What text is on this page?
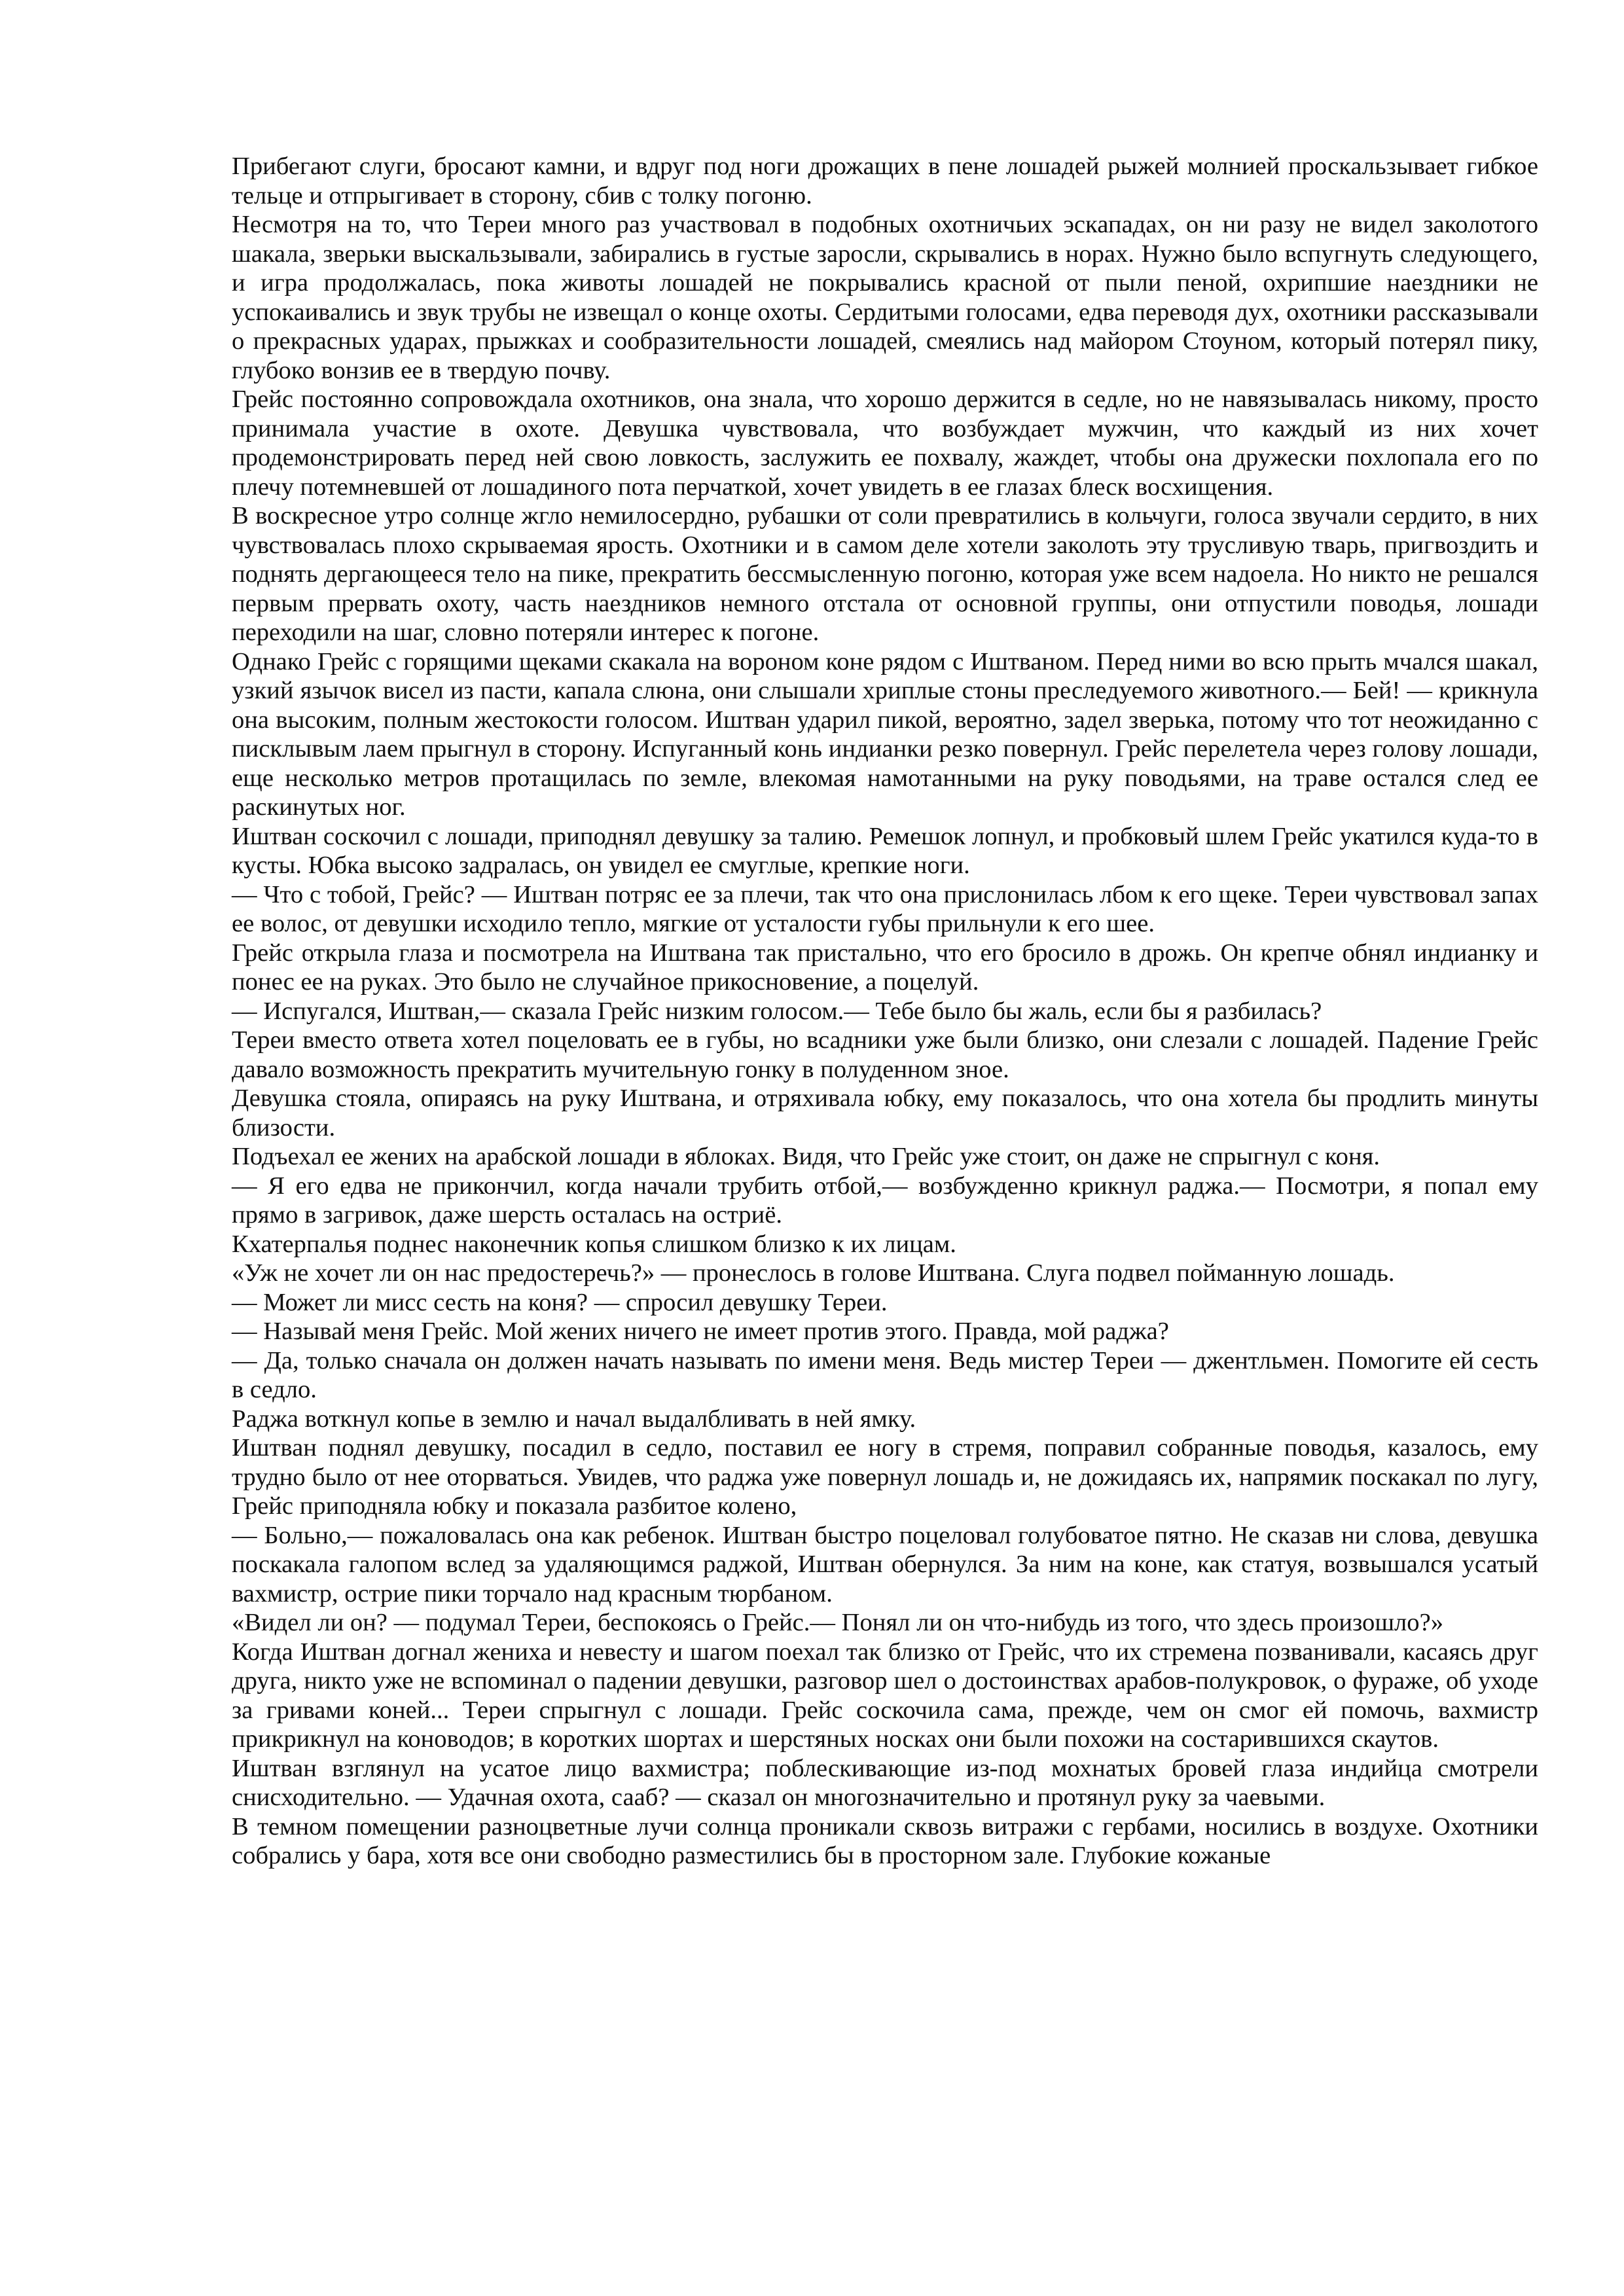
Прибегают слуги, бросают камни, и вдруг под ноги дрожащих в пене лошадей рыжей молнией проскальзывает гибкое тельце и отпрыгивает в сторону, сбив с толку погоню.

Несмотря на то, что Тереи много раз участвовал в подобных охотничьих эскападах, он ни разу не видел заколотого шакала, зверьки выскальзывали, забирались в густые заросли, скрывались в норах. Нужно было вспугнуть следующего, и игра продолжалась, пока животы лошадей не покрывались красной от пыли пеной, охрипшие наездники не успокаивались и звук трубы не извещал о конце охоты. Сердитыми голосами, едва переводя дух, охотники рассказывали о прекрасных ударах, прыжках и сообразительности лошадей, смеялись над майором Стоуном, который потерял пику, глубоко вонзив ее в твердую почву.

Грейс постоянно сопровождала охотников, она знала, что хорошо держится в седле, но не навязывалась никому, просто принимала участие в охоте. Девушка чувствовала, что возбуждает мужчин, что каждый из них хочет продемонстрировать перед ней свою ловкость, заслужить ее похвалу, жаждет, чтобы она дружески похлопала его по плечу потемневшей от лошадиного пота перчаткой, хочет увидеть в ее глазах блеск восхищения.

В воскресное утро солнце жгло немилосердно, рубашки от соли превратились в кольчуги, голоса звучали сердито, в них чувствовалась плохо скрываемая ярость. Охотники и в самом деле хотели заколоть эту трусливую тварь, пригвоздить и поднять дергающееся тело на пике, прекратить бессмысленную погоню, которая уже всем надоела. Но никто не решался первым прервать охоту, часть наездников немного отстала от основной группы, они отпустили поводья, лошади переходили на шаг, словно потеряли интерес к погоне.

Однако Грейс с горящими щеками скакала на вороном коне рядом с Иштваном. Перед ними во всю прыть мчался шакал, узкий язычок висел из пасти, капала слюна, они слышали хриплые стоны преследуемого животного.— Бей! — крикнула она высоким, полным жестокости голосом. Иштван ударил пикой, вероятно, задел зверька, потому что тот неожиданно с писклывым лаем прыгнул в сторону. Испуганный конь индианки резко повернул. Грейс перелетела через голову лошади, еще несколько метров протащилась по земле, влекомая намотанными на руку поводьями, на траве остался след ее раскинутых ног.

Иштван соскочил с лошади, приподнял девушку за талию. Ремешок лопнул, и пробковый шлем Грейс укатился куда-то в кусты. Юбка высоко задралась, он увидел ее смуглые, крепкие ноги.

— Что с тобой, Грейс? — Иштван потряс ее за плечи, так что она прислонилась лбом к его щеке. Тереи чувствовал запах ее волос, от девушки исходило тепло, мягкие от усталости губы прильнули к его шее.

Грейс открыла глаза и посмотрела на Иштвана так пристально, что его бросило в дрожь. Он крепче обнял индианку и понес ее на руках. Это было не случайное прикосновение, а поцелуй.

— Испугался, Иштван,— сказала Грейс низким голосом.— Тебе было бы жаль, если бы я разбилась?

Тереи вместо ответа хотел поцеловать ее в губы, но всадники уже были близко, они слезали с лошадей. Падение Грейс давало возможность прекратить мучительную гонку в полуденном зное.

Девушка стояла, опираясь на руку Иштвана, и отряхивала юбку, ему показалось, что она хотела бы продлить минуты близости.

Подъехал ее жених на арабской лошади в яблоках. Видя, что Грейс уже стоит, он даже не спрыгнул с коня.

— Я его едва не прикончил, когда начали трубить отбой,— возбужденно крикнул раджа.— Посмотри, я попал ему прямо в загривок, даже шерсть осталась на остриё.

Кхатерпалья поднес наконечник копья слишком близко к их лицам.

«Уж не хочет ли он нас предостеречь?» — пронеслось в голове Иштвана. Слуга подвел пойманную лошадь.

— Может ли мисс сесть на коня? — спросил девушку Тереи.

— Называй меня Грейс. Мой жених ничего не имеет против этого. Правда, мой раджа?

— Да, только сначала он должен начать называть по имени меня. Ведь мистер Тереи — джентльмен. Помогите ей сесть в седло.

Раджа воткнул копье в землю и начал выдалбливать в ней ямку.

Иштван поднял девушку, посадил в седло, поставил ее ногу в стремя, поправил собранные поводья, казалось, ему трудно было от нее оторваться. Увидев, что раджа уже повернул лошадь и, не дожидаясь их, напрямик поскакал по лугу, Грейс приподняла юбку и показала разбитое колено,

— Больно,— пожаловалась она как ребенок. Иштван быстро поцеловал голубоватое пятно. Не сказав ни слова, девушка поскакала галопом вслед за удаляющимся раджой, Иштван обернулся. За ним на коне, как статуя, возвышался усатый вахмистр, острие пики торчало над красным тюрбаном.

«Видел ли он? — подумал Тереи, беспокоясь о Грейс.— Понял ли он что-нибудь из того, что здесь произошло?»

Когда Иштван догнал жениха и невесту и шагом поехал так близко от Грейс, что их стремена позванивали, касаясь друг друга, никто уже не вспоминал о падении девушки, разговор шел о достоинствах арабов-полукровок, о фураже, об уходе за гривами коней... Тереи спрыгнул с лошади. Грейс соскочила сама, прежде, чем он смог ей помочь, вахмистр прикрикнул на коноводов; в коротких шортах и шерстяных носках они были похожи на состарившихся скаутов.

Иштван взглянул на усатое лицо вахмистра; поблескивающие из-под мохнатых бровей глаза индийца смотрели снисходительно. — Удачная охота, сааб? — сказал он многозначительно и протянул руку за чаевыми.

В темном помещении разноцветные лучи солнца проникали сквозь витражи с гербами, носились в воздухе. Охотники собрались у бара, хотя все они свободно разместились бы в просторном зале. Глубокие кожаные
